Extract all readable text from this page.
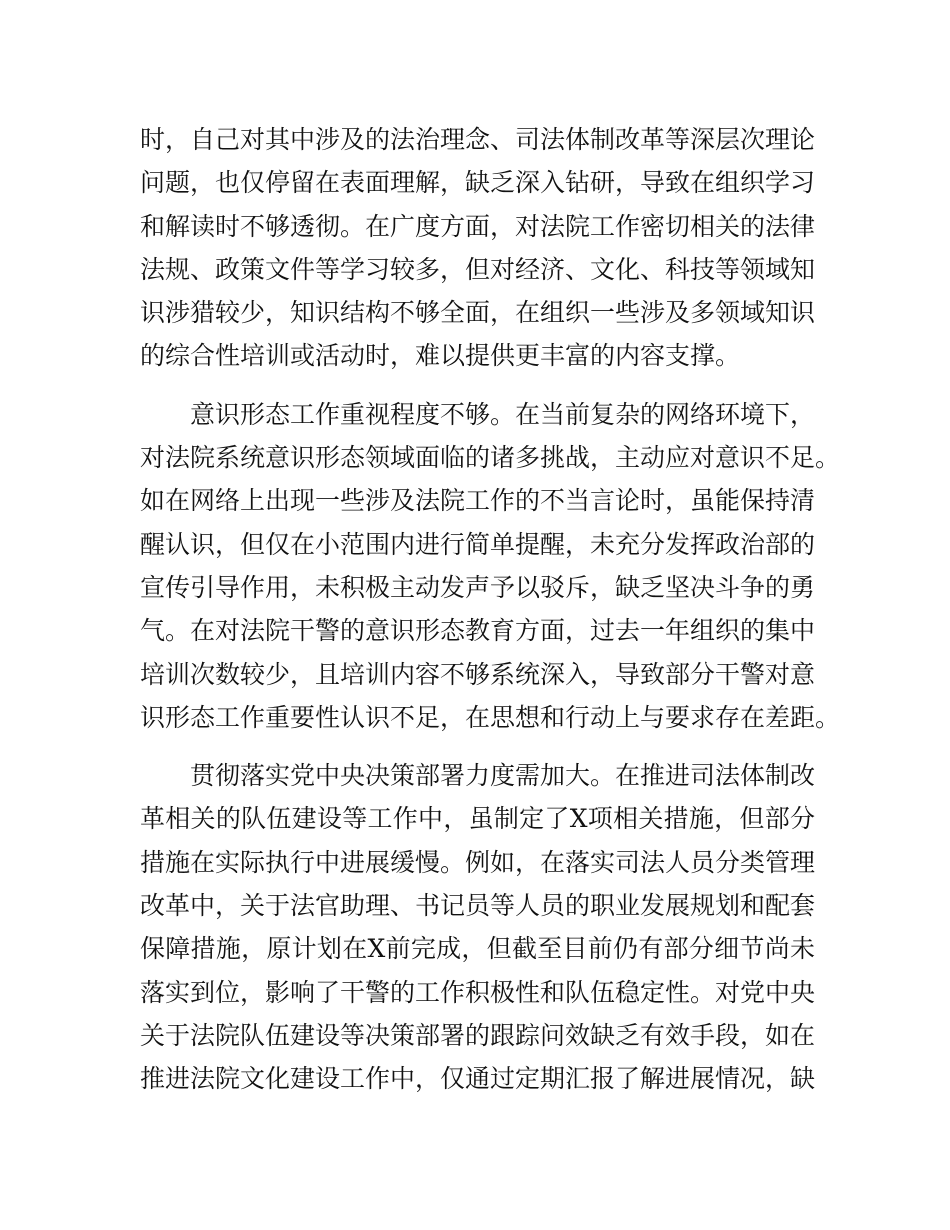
时，自己对其中涉及的法治理念、司法体制改革等深层次理论
问题，也仅停留在表面理解，缺乏深入钻研，导致在组织学习
和解读时不够透彻。在广度方面，对法院工作密切相关的法律
法规、政策文件等学习较多，但对经济、文化、科技等领域知
识涉猎较少，知识结构不够全面，在组织一些涉及多领域知识
的综合性培训或活动时，难以提供更丰富的内容支撑。

　　意识形态工作重视程度不够。在当前复杂的网络环境下，
对法院系统意识形态领域面临的诸多挑战，主动应对意识不足。
如在网络上出现一些涉及法院工作的不当言论时，虽能保持清
醒认识，但仅在小范围内进行简单提醒，未充分发挥政治部的
宣传引导作用，未积极主动发声予以驳斥，缺乏坚决斗争的勇
气。在对法院干警的意识形态教育方面，过去一年组织的集中
培训次数较少，且培训内容不够系统深入，导致部分干警对意
识形态工作重要性认识不足，在思想和行动上与要求存在差距。

　　贯彻落实党中央决策部署力度需加大。在推进司法体制改
革相关的队伍建设等工作中，虽制定了X项相关措施，但部分
措施在实际执行中进展缓慢。例如，在落实司法人员分类管理
改革中，关于法官助理、书记员等人员的职业发展规划和配套
保障措施，原计划在X前完成，但截至目前仍有部分细节尚未
落实到位，影响了干警的工作积极性和队伍稳定性。对党中央
关于法院队伍建设等决策部署的跟踪问效缺乏有效手段，如在
推进法院文化建设工作中，仅通过定期汇报了解进展情况，缺
